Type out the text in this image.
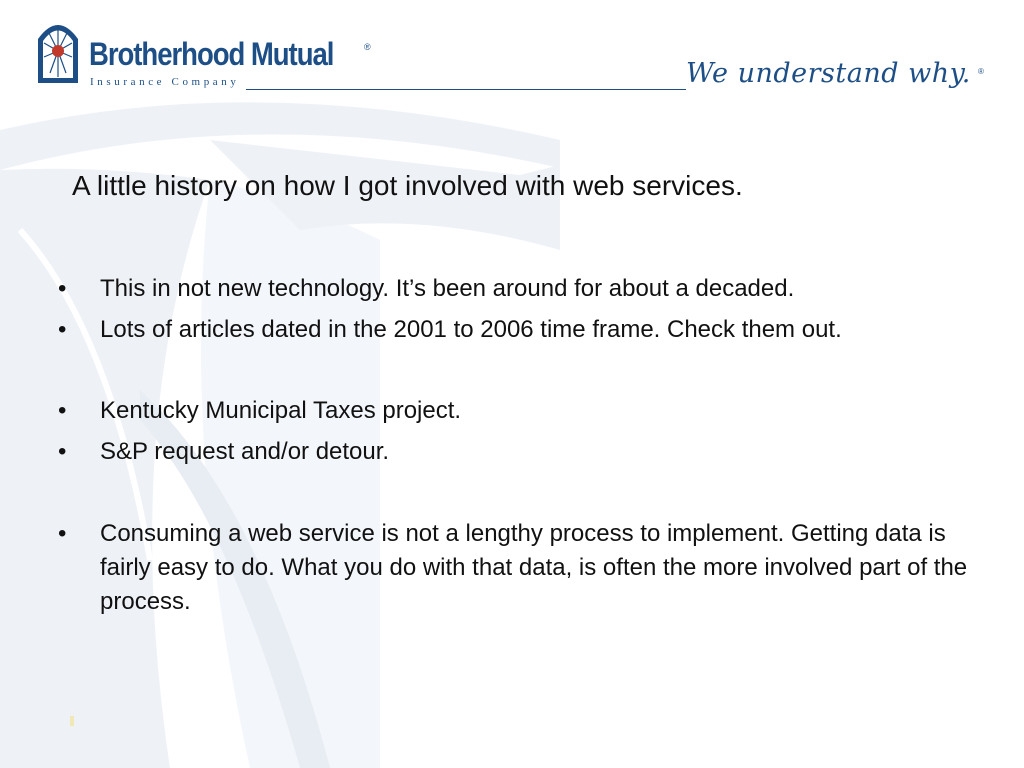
Brotherhood Mutual	®
Insurance Company	We understand why. ®
A little history on how I got involved with web services.
• This in not new technology. It’s been around for about a decaded.
• Lots of articles dated in the 2001 to 2006 time frame. Check them out.
• Kentucky Municipal Taxes project.
• S&P request and/or detour.
• Consuming a web service is not a lengthy process to implement. Getting data is fairly easy to do. What you do with that data, is often the more involved part of the process.
